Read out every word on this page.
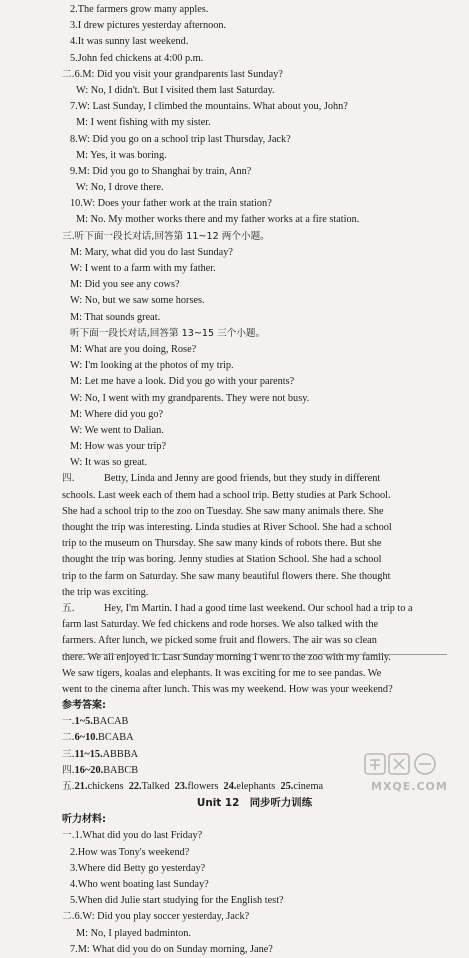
2.The farmers grow many apples.
3.I drew pictures yesterday afternoon.
4.It was sunny last weekend.
5.John fed chickens at 4:00 p.m.
二.6.M: Did you visit your grandparents last Sunday?
W: No, I didn't. But I visited them last Saturday.
7.W: Last Sunday, I climbed the mountains. What about you, John?
M: I went fishing with my sister.
8.W: Did you go on a school trip last Thursday, Jack?
M: Yes, it was boring.
9.M: Did you go to Shanghai by train, Ann?
W: No, I drove there.
10.W: Does your father work at the train station?
M: No. My mother works there and my father works at a fire station.
三.听下面一段长对话,回答第 11~12 两个小题。
M: Mary, what did you do last Sunday?
W: I went to a farm with my father.
M: Did you see any cows?
W: No, but we saw some horses.
M: That sounds great.
听下面一段长对话,回答第 13~15 三个小题。
M: What are you doing, Rose?
W: I'm looking at the photos of my trip.
M: Let me have a look. Did you go with your parents?
W: No, I went with my grandparents. They were not busy.
M: Where did you go?
W: We went to Dalian.
M: How was your trip?
W: It was so great.
四.	Betty, Linda and Jenny are good friends, but they study in different
schools. Last week each of them had a school trip. Betty studies at Park School.
She had a school trip to the zoo on Tuesday. She saw many animals there. She
thought the trip was interesting. Linda studies at River School. She had a school
trip to the museum on Thursday. She saw many kinds of robots there. But she
thought the trip was boring. Jenny studies at Station School. She had a school
trip to the farm on Saturday. She saw many beautiful flowers there. She thought
the trip was exciting.
五.	Hey, I'm Martin. I had a good time last weekend. Our school had a trip to a
farm last Saturday. We fed chickens and rode horses. We also talked with the
farmers. After lunch, we picked some fruit and flowers. The air was so clean
there. We all enjoyed it. Last Sunday morning I went to the zoo with my family.
We saw tigers, koalas and elephants. It was exciting for me to see pandas. We
went to the cinema after lunch. This was my weekend. How was your weekend?
参考答案:
一.1~5.BACAB
二.6~10.BCABA
三.11~15.ABBBA
四.16~20.BABCB
五.21.chickens 22.Talked 23.flowers 24.elephants 25.cinema
Unit 12　同步听力训练
听力材料:
一.1.What did you do last Friday?
2.How was Tony's weekend?
3.Where did Betty go yesterday?
4.Who went boating last Sunday?
5.When did Julie start studying for the English test?
二.6.W: Did you play soccer yesterday, Jack?
M: No, I played badminton.
7.M: What did you do on Sunday morning, Jane?
MXQE.COM
